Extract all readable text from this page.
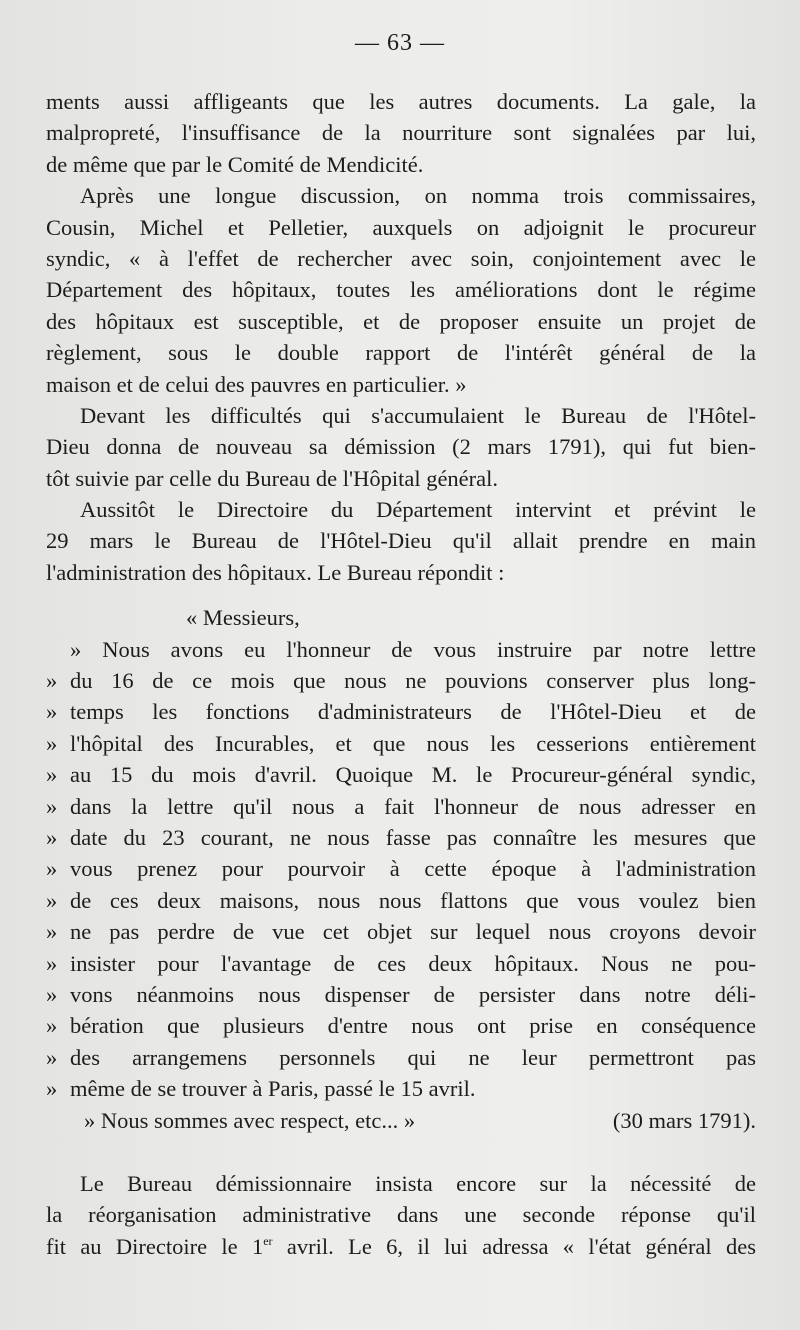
— 63 —
ments aussi affligeants que les autres documents. La gale, la
malpropreté, l'insuffisance de la nourriture sont signalées par lui,
de même que par le Comité de Mendicité.
Après une longue discussion, on nomma trois commissaires,
Cousin, Michel et Pelletier, auxquels on adjoignit le procureur
syndic, « à l'effet de rechercher avec soin, conjointement avec le
Département des hôpitaux, toutes les améliorations dont le régime
des hôpitaux est susceptible, et de proposer ensuite un projet de
règlement, sous le double rapport de l'intérêt général de la
maison et de celui des pauvres en particulier. »
Devant les difficultés qui s'accumulaient le Bureau de l'Hôtel-
Dieu donna de nouveau sa démission (2 mars 1791), qui fut bien-
tôt suivie par celle du Bureau de l'Hôpital général.
Aussitôt le Directoire du Département intervint et prévint le
29 mars le Bureau de l'Hôtel-Dieu qu'il allait prendre en main
l'administration des hôpitaux. Le Bureau répondit :
« Messieurs,
» Nous avons eu l'honneur de vous instruire par notre lettre
» du 16 de ce mois que nous ne pouvions conserver plus long-
» temps les fonctions d'administrateurs de l'Hôtel-Dieu et de
» l'hôpital des Incurables, et que nous les cesserions entièrement
» au 15 du mois d'avril. Quoique M. le Procureur-général syndic,
» dans la lettre qu'il nous a fait l'honneur de nous adresser en
» date du 23 courant, ne nous fasse pas connaître les mesures que
» vous prenez pour pourvoir à cette époque à l'administration
» de ces deux maisons, nous nous flattons que vous voulez bien
» ne pas perdre de vue cet objet sur lequel nous croyons devoir
» insister pour l'avantage de ces deux hôpitaux. Nous ne pou-
» vons néanmoins nous dispenser de persister dans notre déli-
» bération que plusieurs d'entre nous ont prise en conséquence
» des arrangemens personnels qui ne leur permettront pas
» même de se trouver à Paris, passé le 15 avril.
» Nous sommes avec respect, etc... »	(30 mars 1791).
Le Bureau démissionnaire insista encore sur la nécessité de
la réorganisation administrative dans une seconde réponse qu'il
fit au Directoire le 1er avril. Le 6, il lui adressa « l'état général des
